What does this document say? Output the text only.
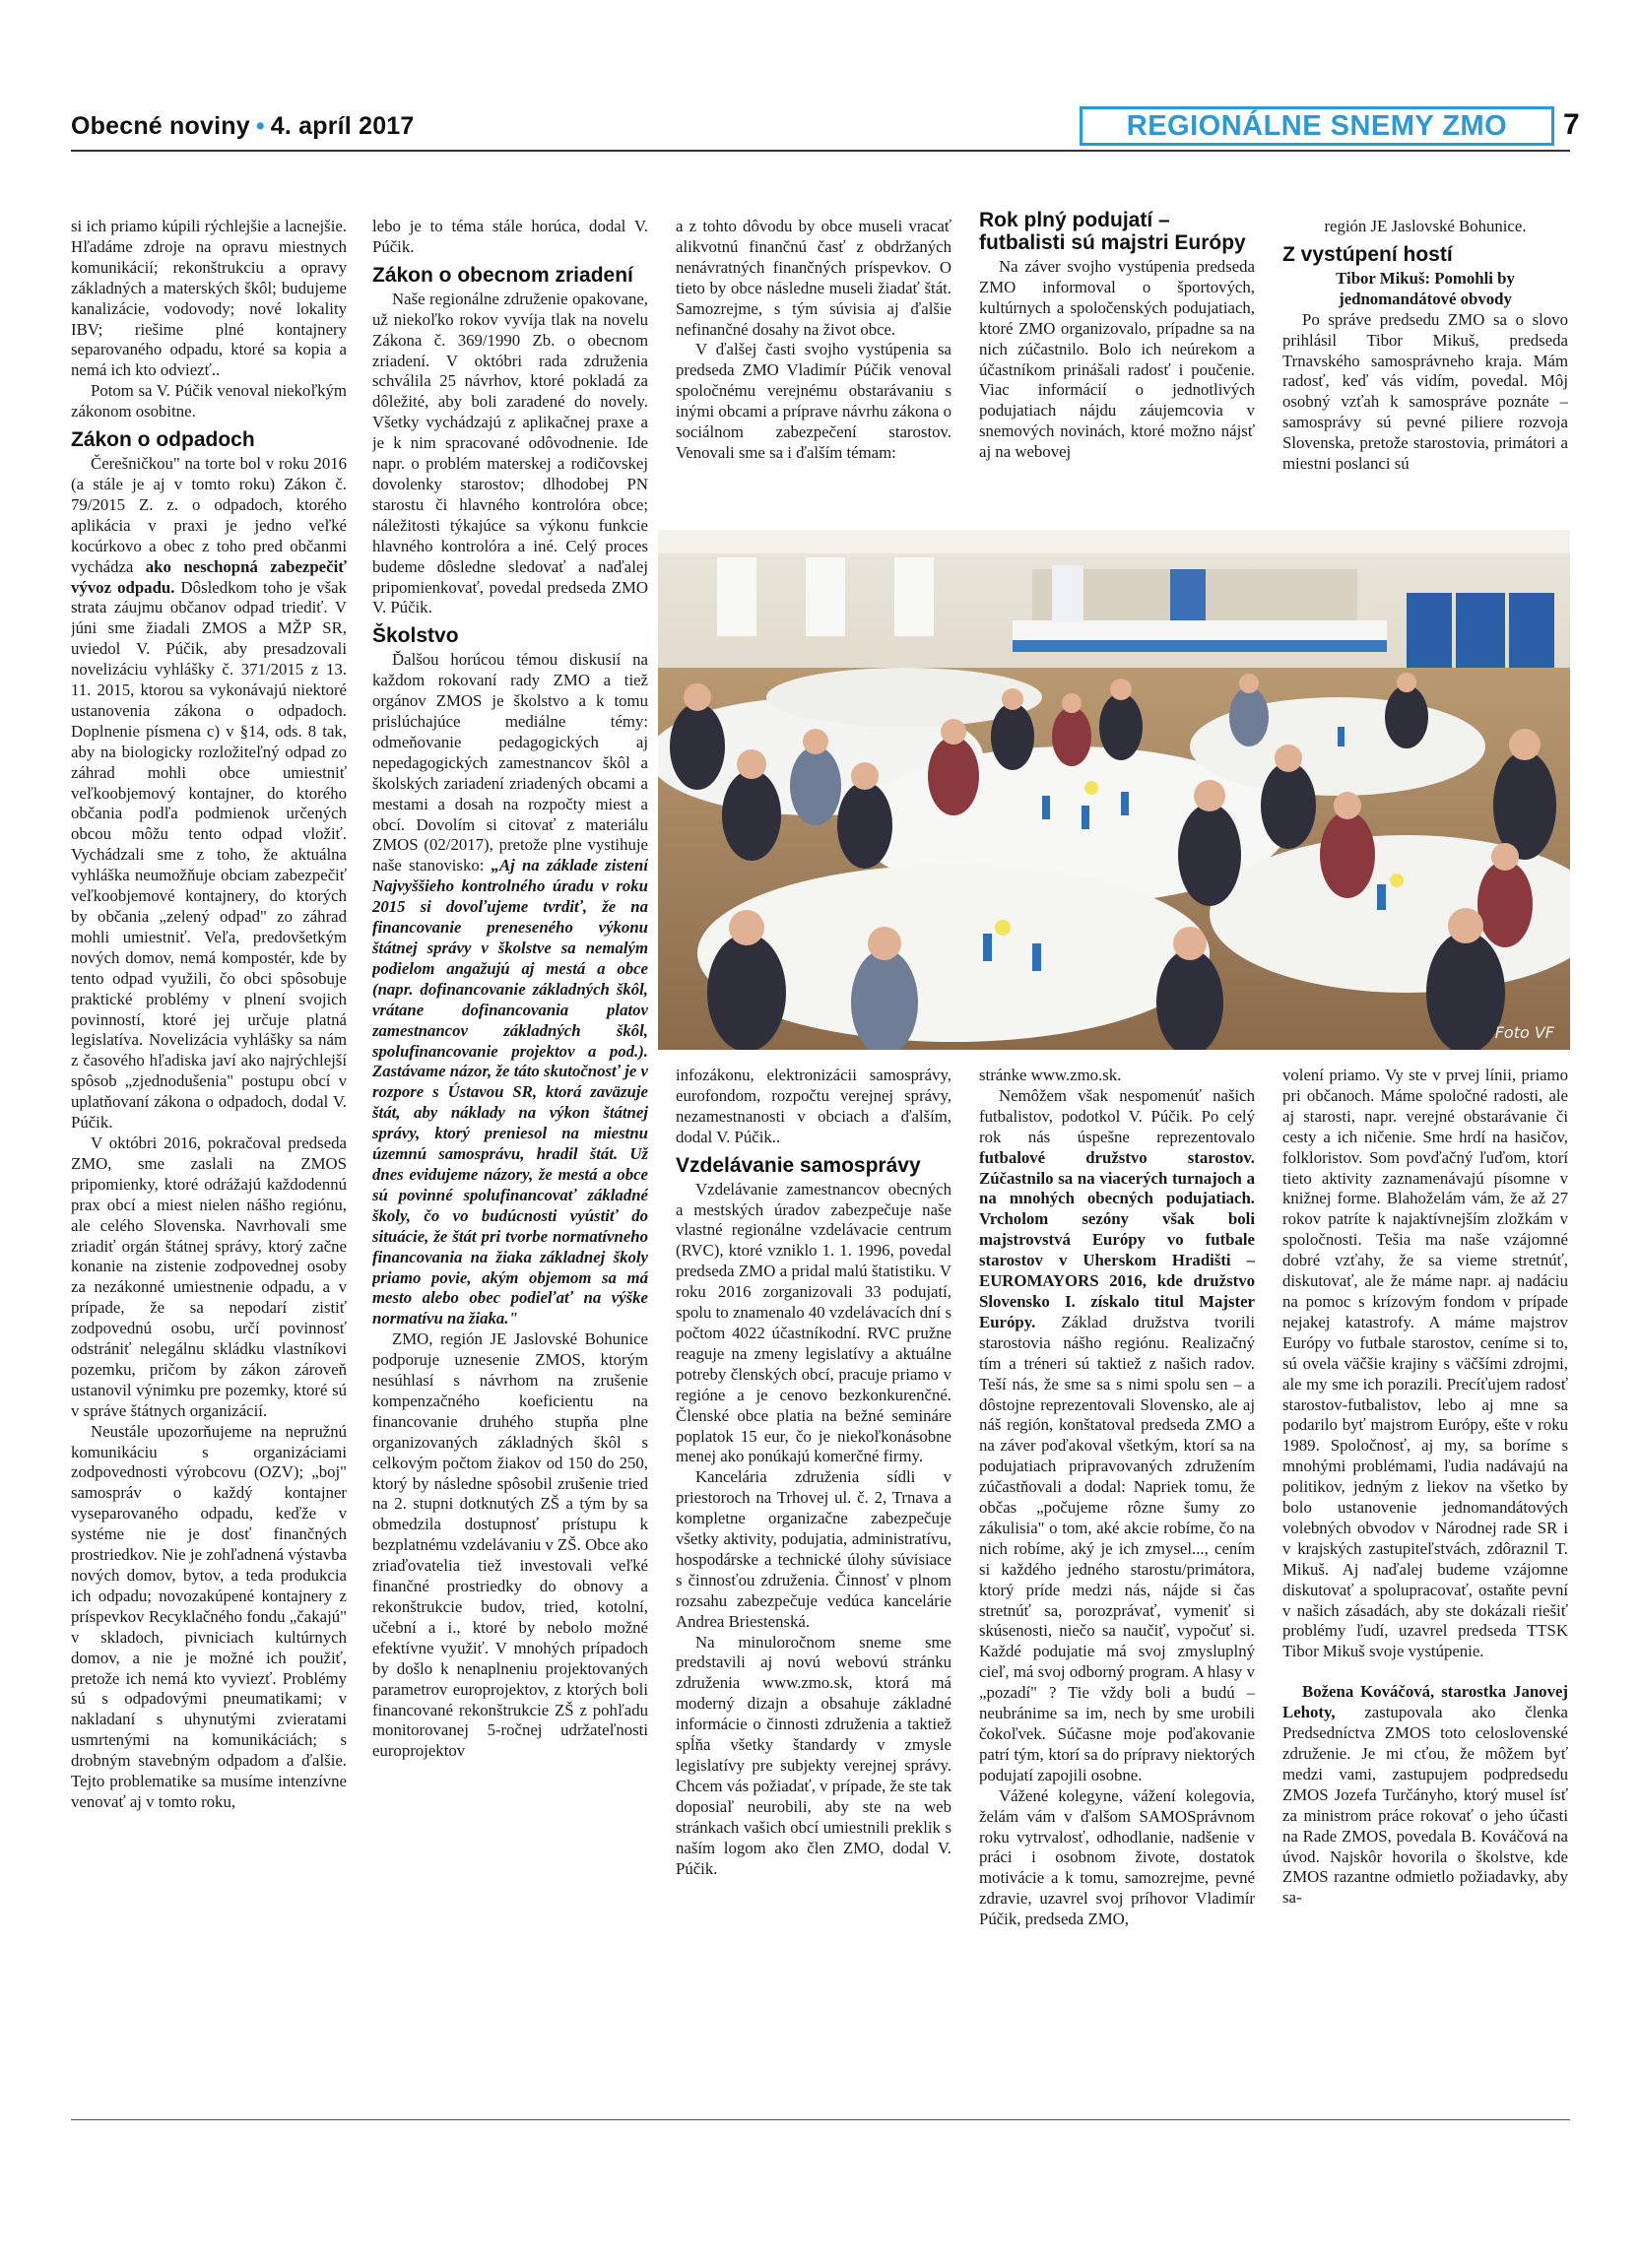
Obecné noviny • 4. apríl 2017	REGIONÁLNE SNEMY ZMO	7

si ich priamo kúpili rýchlejšie a lacnejšie. Hľadáme zdroje na opravu miestnych komunikácií; rekonštrukciu a opravy základných a materských škôl; budujeme kanalizácie, vodovody; nové lokality IBV; riešime plné kontajnery separovaného odpadu, ktoré sa kopia a nemá ich kto odviezť..

Potom sa V. Púčik venoval niekoľkým zákonom osobitne.

Zákon o odpadoch

Čerešničkou" na torte bol v roku 2016 (a stále je aj v tomto roku) Zákon č. 79/2015 Z. z. o odpadoch, ktorého aplikácia v praxi je jedno veľké kocúrkovo a obec z toho pred občanmi vychádza ako neschopná zabezpečiť vývoz odpadu. Dôsledkom toho je však strata záujmu občanov odpad triediť. V júni sme žiadali ZMOS a MŽP SR, uviedol V. Púčik, aby presadzovali novelizáciu vyhlášky č. 371/2015 z 13. 11. 2015, ktorou sa vykonávajú niektoré ustanovenia zákona o odpadoch. Doplnenie písmena c) v §14, ods. 8 tak, aby na biologicky rozložiteľný odpad zo záhrad mohli obce umiestniť veľkoobjemový kontajner, do ktorého občania podľa podmienok určených obcou môžu tento odpad vložiť. Vychádzali sme z toho, že aktuálna vyhláška neumožňuje obciam zabezpečiť veľkoobjemové kontajnery, do ktorých by občania „zelený odpad" zo záhrad mohli umiestniť. Veľa, predovšetkým nových domov, nemá kompostér, kde by tento odpad využili, čo obci spôsobuje praktické problémy v plnení svojich povinností, ktoré jej určuje platná legislatíva. Novelizácia vyhlášky sa nám z časového hľadiska javí ako najrýchlejší spôsob „zjednodušenia" postupu obcí v uplatňovaní zákona o odpadoch, dodal V. Púčik.

V októbri 2016, pokračoval predseda ZMO, sme zaslali na ZMOS pripomienky, ktoré odrážajú každodennú prax obcí a miest nielen nášho regiónu, ale celého Slovenska. Navrhovali sme zriadiť orgán štátnej správy, ktorý začne konanie na zistenie zodpovednej osoby za nezákonné umiestnenie odpadu, a v prípade, že sa nepodarí zistiť zodpovednú osobu, určí povinnosť odstrániť nelegálnu skládku vlastníkovi pozemku, pričom by zákon zároveň ustanovil výnimku pre pozemky, ktoré sú v správe štátnych organizácií.

Neustále upozorňujeme na nepružnú komunikáciu s organizáciami zodpovednosti výrobcovu (OZV); „boj" samospráv o každý kontajner vyseparovaného odpadu, keďže v systéme nie je dosť finančných prostriedkov. Nie je zohľadnená výstavba nových domov, bytov, a teda produkcia ich odpadu; novozakúpené kontajnery z príspevkov Recyklačného fondu „čakajú" v skladoch, pivniciach kultúrnych domov, a nie je možné ich použiť, pretože ich nemá kto vyviezť. Problémy sú s odpadovými pneumatikami; v nakladaní s uhynutými zvieratami usmrtenými na komunikáciách; s drobným stavebným odpadom a ďalšie. Tejto problematike sa musíme intenzívne venovať aj v tomto roku,

lebo je to téma stále horúca, dodal V. Púčik.

Zákon o obecnom zriadení

Naše regionálne združenie opakovane, už niekoľko rokov vyvíja tlak na novelu Zákona č. 369/1990 Zb. o obecnom zriadení. V októbri rada združenia schválila 25 návrhov, ktoré pokladá za dôležité, aby boli zaradené do novely. Všetky vychádzajú z aplikačnej praxe a je k nim spracované odôvodnenie. Ide napr. o problém materskej a rodičovskej dovolenky starostov; dlhodobej PN starostu či hlavného kontrolóra obce; náležitosti týkajúce sa výkonu funkcie hlavného kontrolóra a iné. Celý proces budeme dôsledne sledovať a naďalej pripomienkovať, povedal predseda ZMO V. Púčik.

Školstvo

Ďalšou horúcou témou diskusií na každom rokovaní rady ZMO a tiež orgánov ZMOS je školstvo a k tomu prislúchajúce mediálne témy: odmeňovanie pedagogických aj nepedagogických zamestnancov škôl a školských zariadení zriadených obcami a mestami a dosah na rozpočty miest a obcí. Dovolím si citovať z materiálu ZMOS (02/2017), pretože plne vystihuje naše stanovisko: „Aj na základe zistení Najvyššieho kontrolného úradu v roku 2015 si dovoľujeme tvrdiť, že na financovanie preneseného výkonu štátnej správy v školstve sa nemalým podielom angažujú aj mestá a obce (napr. dofinancovanie základných škôl, vrátane dofinancovania platov zamestnancov základných škôl, spolufinancovanie projektov a pod.). Zastávame názor, že táto skutočnosť je v rozpore s Ústavou SR, ktorá zaväzuje štát, aby náklady na výkon štátnej správy, ktorý preniesol na miestnu územnú samosprávu, hradil štát. Už dnes evidujeme názory, že mestá a obce sú povinné spolufinancovať základné školy, čo vo budúcnosti vyústiť do situácie, že štát pri tvorbe normatívneho financovania na žiaka základnej školy priamo povie, akým objemom sa má mesto alebo obec podieľať na výške normatívu na žiaka."

ZMO, región JE Jaslovské Bohunice podporuje uznesenie ZMOS, ktorým nesúhlasí s návrhom na zrušenie kompenzačného koeficientu na financovanie druhého stupňa plne organizovaných základných škôl s celkovým počtom žiakov od 150 do 250, ktorý by následne spôsobil zrušenie tried na 2. stupni dotknutých ZŠ a tým by sa obmedzila dostupnosť prístupu k bezplatnému vzdelávaniu v ZŠ. Obce ako zriaďovatelia tiež investovali veľké finančné prostriedky do obnovy a rekonštrukcie budov, tried, kotolní, učební a i., ktoré by nebolo možné efektívne využiť. V mnohých prípadoch by došlo k nenaplneniu projektovaných parametrov europrojektov, z ktorých boli financované rekonštrukcie ZŠ z pohľadu monitorovanej 5-ročnej udržateľnosti europrojektov

a z tohto dôvodu by obce museli vracať alikvotnú finančnú časť z obdržaných nenávratných finančných príspevkov. O tieto by obce následne museli žiadať štát. Samozrejme, s tým súvisia aj ďalšie nefinančné dosahy na život obce.

V ďalšej časti svojho vystúpenia sa predseda ZMO Vladimír Púčik venoval spoločnému verejnému obstarávaniu s inými obcami a príprave návrhu zákona o sociálnom zabezpečení starostov. Venovali sme sa i ďalším témam:

Rok plný podujatí – futbalisti sú majstri Európy

Na záver svojho vystúpenia predseda ZMO informoval o športových, kultúrnych a spoločenských podujatiach, ktoré ZMO organizovalo, prípadne sa na nich zúčastnilo. Bolo ich neúrekom a účastníkom prinášali radosť i poučenie. Viac informácií o jednotlivých podujatiach nájdu záujemcovia v snemových novinách, ktoré možno nájsť aj na webovej

región JE Jaslovské Bohunice.

Z vystúpení hostí

Tibor Mikuš: Pomohli by jednomandátové obvody

Po správe predsedu ZMO sa o slovo prihlásil Tibor Mikuš, predseda Trnavského samosprávneho kraja. Mám radosť, keď vás vidím, povedal. Môj osobný vzťah k samospráve poznáte – samosprávy sú pevné piliere rozvoja Slovenska, pretože starostovia, primátori a miestni poslanci sú

Foto VF

infozákonu, elektronizácii samosprávy, eurofondom, rozpočtu verejnej správy, nezamestnanosti v obciach a ďalším, dodal V. Púčik..

Vzdelávanie samosprávy

Vzdelávanie zamestnancov obecných a mestských úradov zabezpečuje naše vlastné regionálne vzdelávacie centrum (RVC), ktoré vzniklo 1. 1. 1996, povedal predseda ZMO a pridal malú štatistiku. V roku 2016 zorganizovali 33 podujatí, spolu to znamenalo 40 vzdelávacích dní s počtom 4022 účastníkodní. RVC pružne reaguje na zmeny legislatívy a aktuálne potreby členských obcí, pracuje priamo v regióne a je cenovo bezkonkurenčné. Členské obce platia na bežné semináre poplatok 15 eur, čo je niekoľkonásobne menej ako ponúkajú komerčné firmy.

Kancelária združenia sídli v priestoroch na Trhovej ul. č. 2, Trnava a kompletne organizačne zabezpečuje všetky aktivity, podujatia, administratívu, hospodárske a technické úlohy súvisiace s činnosťou združenia. Činnosť v plnom rozsahu zabezpečuje vedúca kancelárie Andrea Briestenská.

Na minuloročnom sneme sme predstavili aj novú webovú stránku združenia www.zmo.sk, ktorá má moderný dizajn a obsahuje základné informácie o činnosti združenia a taktiež spĺňa všetky štandardy v zmysle legislatívy pre subjekty verejnej správy. Chcem vás požiadať, v prípade, že ste tak doposiaľ neurobili, aby ste na web stránkach vašich obcí umiestnili preklik s naším logom ako člen ZMO, dodal V. Púčik.

stránke www.zmo.sk.

Nemôžem však nespomenúť našich futbalistov, podotkol V. Púčik. Po celý rok nás úspešne reprezentovalo futbalové družstvo starostov. Zúčastnilo sa na viacerých turnajoch a na mnohých obecných podujatiach. Vrcholom sezóny však boli majstrovstvá Európy vo futbale starostov v Uherskom Hradišti – EUROMAYORS 2016, kde družstvo Slovensko I. získalo titul Majster Európy. Základ družstva tvorili starostovia nášho regiónu. Realizačný tím a tréneri sú taktiež z našich radov. Teší nás, že sme sa s nimi spolu sen – a dôstojne reprezentovali Slovensko, ale aj náš región, konštatoval predseda ZMO a na záver poďakoval všetkým, ktorí sa na podujatiach pripravovaných združením zúčastňovali a dodal: Napriek tomu, že občas „počujeme rôzne šumy zo zákulisia" o tom, aké akcie robíme, čo na nich robíme, aký je ich zmysel..., cením si každého jedného starostu/primátora, ktorý príde medzi nás, nájde si čas stretnúť sa, porozprávať, vymeniť si skúsenosti, niečo sa naučiť, vypočuť si. Každé podujatie má svoj zmysluplný cieľ, má svoj odborný program. A hlasy v „pozadí" ? Tie vždy boli a budú – neubránime sa im, nech by sme urobili čokoľvek. Súčasne moje poďakovanie patrí tým, ktorí sa do prípravy niektorých podujatí zapojili osobne.

Vážené kolegyne, vážení kolegovia, želám vám v ďalšom SAMOSprávnom roku vytrvalosť, odhodlanie, nadšenie v práci i osobnom živote, dostatok motivácie a k tomu, samozrejme, pevné zdravie, uzavrel svoj príhovor Vladimír Púčik, predseda ZMO,

volení priamo. Vy ste v prvej línii, priamo pri občanoch. Máme spoločné radosti, ale aj starosti, napr. verejné obstarávanie či cesty a ich ničenie. Sme hrdí na hasičov, folkloristov. Som povďačný ľuďom, ktorí tieto aktivity zaznamenávajú písomne v knižnej forme. Blahoželám vám, že až 27 rokov patríte k najaktívnejším zložkám v spoločnosti. Tešia ma naše vzájomné dobré vzťahy, že sa vieme stretnúť, diskutovať, ale že máme napr. aj nadáciu na pomoc s krízovým fondom v prípade nejakej katastrofy. A máme majstrov Európy vo futbale starostov, ceníme si to, sú ovela väčšie krajiny s väčšími zdrojmi, ale my sme ich porazili. Precíťujem radosť starostov-futbalistov, lebo aj mne sa podarilo byť majstrom Európy, ešte v roku 1989. Spoločnosť, aj my, sa boríme s mnohými problémami, ľudia nadávajú na politikov, jedným z liekov na všetko by bolo ustanovenie jednomandátových volebných obvodov v Národnej rade SR i v krajských zastupiteľstvách, zdôraznil T. Mikuš. Aj naďalej budeme vzájomne diskutovať a spolupracovať, ostaňte pevní v našich zásadách, aby ste dokázali riešiť problémy ľudí, uzavrel predseda TTSK Tibor Mikuš svoje vystúpenie.

Božena Kováčová, starostka Janovej Lehoty, zastupovala ako členka Predsedníctva ZMOS toto celoslovenské združenie. Je mi cťou, že môžem byť medzi vami, zastupujem podpredsedu ZMOS Jozefa Turčányho, ktorý musel ísť za ministrom práce rokovať o jeho účasti na Rade ZMOS, povedala B. Kováčová na úvod. Najskôr hovorila o školstve, kde ZMOS razantne odmietlo požiadavky, aby sa-
